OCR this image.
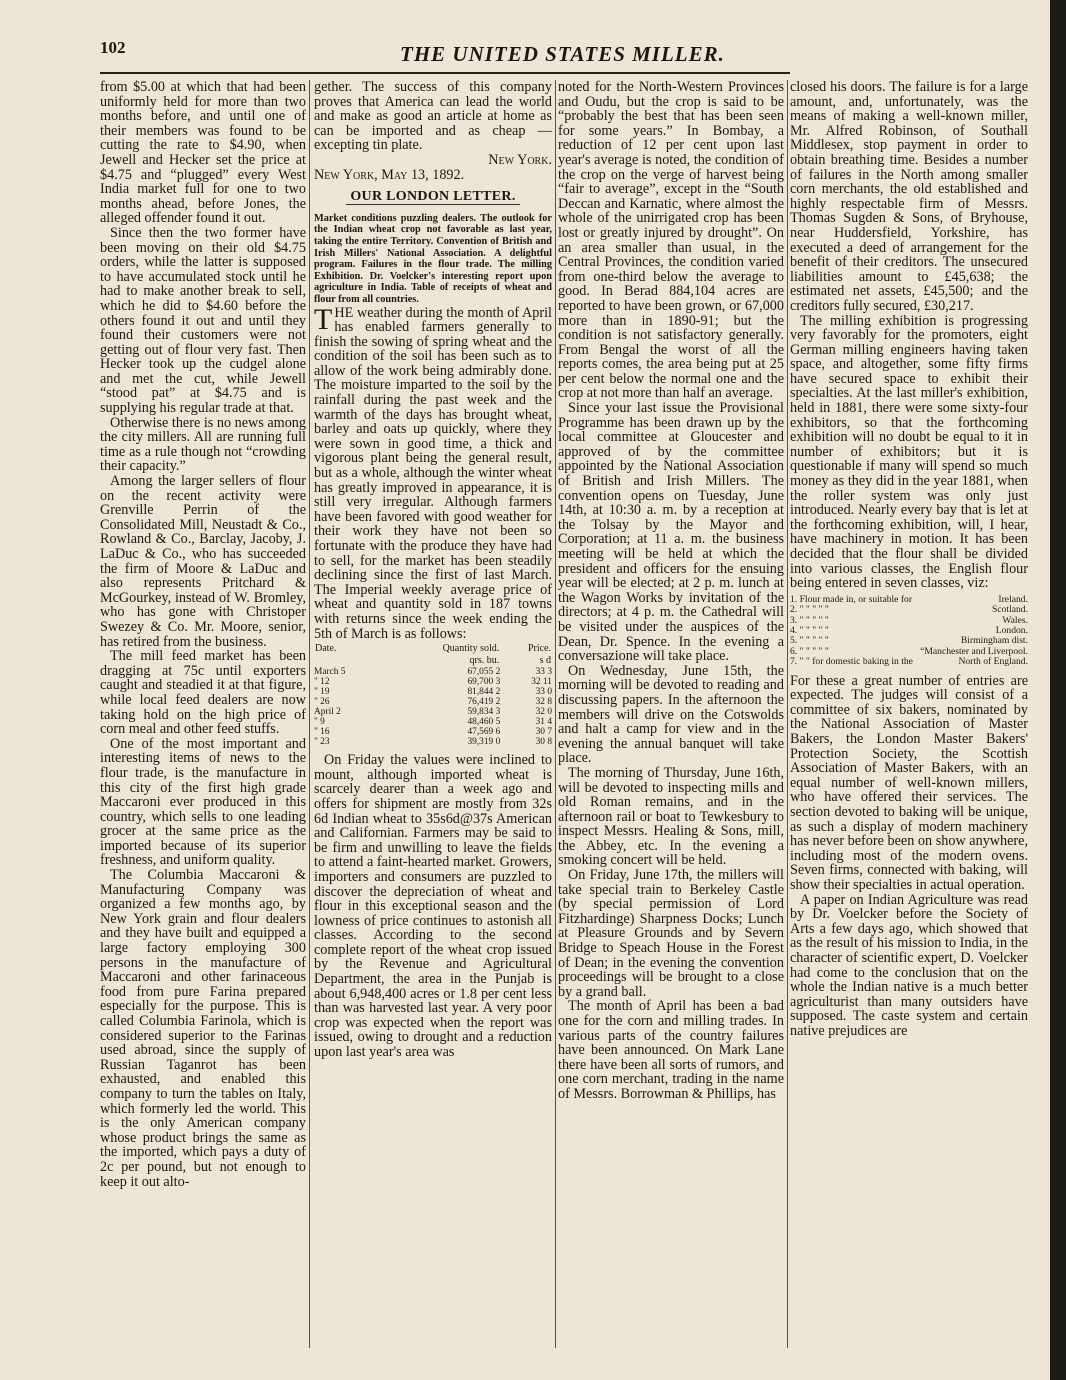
102	THE UNITED STATES MILLER.

from $5.00 at which that had been uniformly held for more than two months before, and until one of their members was found to be cutting the rate to $4.90, when Jewell and Hecker set the price at $4.75 and “plugged” every West India market full for one to two months ahead, before Jones, the alleged offender found it out.

Since then the two former have been moving on their old $4.75 orders, while the latter is supposed to have accumulated stock until he had to make another break to sell, which he did to $4.60 before the others found it out and until they found their customers were not getting out of flour very fast. Then Hecker took up the cudgel alone and met the cut, while Jewell “stood pat” at $4.75 and is supplying his regular trade at that.

Otherwise there is no news among the city millers. All are running full time as a rule though not “crowding their capacity.”

Among the larger sellers of flour on the recent activity were Grenville Perrin of the Consolidated Mill, Neustadt & Co., Rowland & Co., Barclay, Jacoby, J. LaDuc & Co., who has succeeded the firm of Moore & LaDuc and also represents Pritchard & McGourkey, instead of W. Bromley, who has gone with Christoper Swezey & Co. Mr. Moore, senior, has retired from the business.

The mill feed market has been dragging at 75c until exporters caught and steadied it at that figure, while local feed dealers are now taking hold on the high price of corn meal and other feed stuffs.

One of the most important and interesting items of news to the flour trade, is the manufacture in this city of the first high grade Maccaroni ever produced in this country, which sells to one leading grocer at the same price as the imported because of its superior freshness, and uniform quality.

The Columbia Maccaroni & Manufacturing Company was organized a few months ago, by New York grain and flour dealers and they have built and equipped a large factory employing 300 persons in the manufacture of Maccaroni and other farinaceous food from pure Farina prepared especially for the purpose. This is called Columbia Farinola, which is considered superior to the Farinas used abroad, since the supply of Russian Taganrot has been exhausted, and enabled this company to turn the tables on Italy, which formerly led the world. This is the only American company whose product brings the same as the imported, which pays a duty of 2c per pound, but not enough to keep it out alto-

gether. The success of this company proves that America can lead the world and make as good an article at home as can be imported and as cheap —excepting tin plate.

New York.

New York, May 13, 1892.

OUR LONDON LETTER.

Market conditions puzzling dealers. The outlook for the Indian wheat crop not favorable as last year, taking the entire Territory. Convention of British and Irish Millers' National Association. A delightful program. Failures in the flour trade. The milling Exhibition. Dr. Voelcker's interesting report upon agriculture in India. Table of receipts of wheat and flour from all countries.

THE weather during the month of April has enabled farmers generally to finish the sowing of spring wheat and the condition of the soil has been such as to allow of the work being admirably done. The moisture imparted to the soil by the rainfall during the past week and the warmth of the days has brought wheat, barley and oats up quickly, where they were sown in good time, a thick and vigorous plant being the general result, but as a whole, although the winter wheat has greatly improved in appearance, it is still very irregular. Although farmers have been favored with good weather for their work they have not been so fortunate with the produce they have had to sell, for the market has been steadily declining since the first of last March. The Imperial weekly average price of wheat and quantity sold in 187 towns with returns since the week ending the 5th of March is as follows:

Date.	Quantity sold.	Price.
	qrs. bu.	s d
March 5	67,055 2	33 3
" 12	69,700 3	32 11
" 19	81,844 2	33 0
" 26	76,419 2	32 8
April 2	59,834 3	32 0
" 9	48,460 5	31 4
" 16	47,569 6	30 7
" 23	39,319 0	30 8

On Friday the values were inclined to mount, although imported wheat is scarcely dearer than a week ago and offers for shipment are mostly from 32s 6d Indian wheat to 35s6d@37s American and Californian. Farmers may be said to be firm and unwilling to leave the fields to attend a faint-hearted market. Growers, importers and consumers are puzzled to discover the depreciation of wheat and flour in this exceptional season and the lowness of price continues to astonish all classes. According to the second complete report of the wheat crop issued by the Revenue and Agricultural Department, the area in the Punjab is about 6,948,400 acres or 1.8 per cent less than was harvested last year. A very poor crop was expected when the report was issued, owing to drought and a reduction upon last year's area was

noted for the North-Western Provinces and Oudu, but the crop is said to be “probably the best that has been seen for some years.” In Bombay, a reduction of 12 per cent upon last year's average is noted, the condition of the crop on the verge of harvest being “fair to average”, except in the “South Deccan and Karnatic, where almost the whole of the unirrigated crop has been lost or greatly injured by drought”. On an area smaller than usual, in the Central Provinces, the condition varied from one-third below the average to good. In Berad 884,104 acres are reported to have been grown, or 67,000 more than in 1890-91; but the condition is not satisfactory generally. From Bengal the worst of all the reports comes, the area being put at 25 per cent below the normal one and the crop at not more than half an average.

Since your last issue the Provisional Programme has been drawn up by the local committee at Gloucester and approved of by the committee appointed by the National Association of British and Irish Millers. The convention opens on Tuesday, June 14th, at 10:30 a. m. by a reception at the Tolsay by the Mayor and Corporation; at 11 a. m. the business meeting will be held at which the president and officers for the ensuing year will be elected; at 2 p. m. lunch at the Wagon Works by invitation of the directors; at 4 p. m. the Cathedral will be visited under the auspices of the Dean, Dr. Spence. In the evening a conversazione will take place.

On Wednesday, June 15th, the morning will be devoted to reading and discussing papers. In the afternoon the members will drive on the Cotswolds and halt a camp for view and in the evening the annual banquet will take place.

The morning of Thursday, June 16th, will be devoted to inspecting mills and old Roman remains, and in the afternoon rail or boat to Tewkesbury to inspect Messrs. Healing & Sons, mill, the Abbey, etc. In the evening a smoking concert will be held.

On Friday, June 17th, the millers will take special train to Berkeley Castle (by special permission of Lord Fitzhardinge) Sharpness Docks; Lunch at Pleasure Grounds and by Severn Bridge to Speach House in the Forest of Dean; in the evening the convention proceedings will be brought to a close by a grand ball.

The month of April has been a bad one for the corn and milling trades. In various parts of the country failures have been announced. On Mark Lane there have been all sorts of rumors, and one corn merchant, trading in the name of Messrs. Borrowman & Phillips, has

closed his doors. The failure is for a large amount, and, unfortunately, was the means of making a well-known miller, Mr. Alfred Robinson, of Southall Middlesex, stop payment in order to obtain breathing time. Besides a number of failures in the North among smaller corn merchants, the old established and highly respectable firm of Messrs. Thomas Sugden & Sons, of Bryhouse, near Huddersfield, Yorkshire, has executed a deed of arrangement for the benefit of their creditors. The unsecured liabilities amount to £45,638; the estimated net assets, £45,500; and the creditors fully secured, £30,217.

The milling exhibition is progressing very favorably for the promoters, eight German milling engineers having taken space, and altogether, some fifty firms have secured space to exhibit their specialties. At the last miller's exhibition, held in 1881, there were some sixty-four exhibitors, so that the forthcoming exhibition will no doubt be equal to it in number of exhibitors; but it is questionable if many will spend so much money as they did in the year 1881, when the roller system was only just introduced. Nearly every bay that is let at the forthcoming exhibition, will, I hear, have machinery in motion. It has been decided that the flour shall be divided into various classes, the English flour being entered in seven classes, viz:

1. Flour made in, or suitable for	Ireland.
2. " " " " "	Scotland.
3. " " " " "	Wales.
4. " " " " "	London.
5. " " " " "	Birmingham dist.
6. " " " " "	“Manchester and Liverpool.
7. " " for domestic baking in the	North of England.

For these a great number of entries are expected. The judges will consist of a committee of six bakers, nominated by the National Association of Master Bakers, the London Master Bakers' Protection Society, the Scottish Association of Master Bakers, with an equal number of well-known millers, who have offered their services. The section devoted to baking will be unique, as such a display of modern machinery has never before been on show anywhere, including most of the modern ovens. Seven firms, connected with baking, will show their specialties in actual operation.

A paper on Indian Agriculture was read by Dr. Voelcker before the Society of Arts a few days ago, which showed that as the result of his mission to India, in the character of scientific expert, D. Voelcker had come to the conclusion that on the whole the Indian native is a much better agriculturist than many outsiders have supposed. The caste system and certain native prejudices are
